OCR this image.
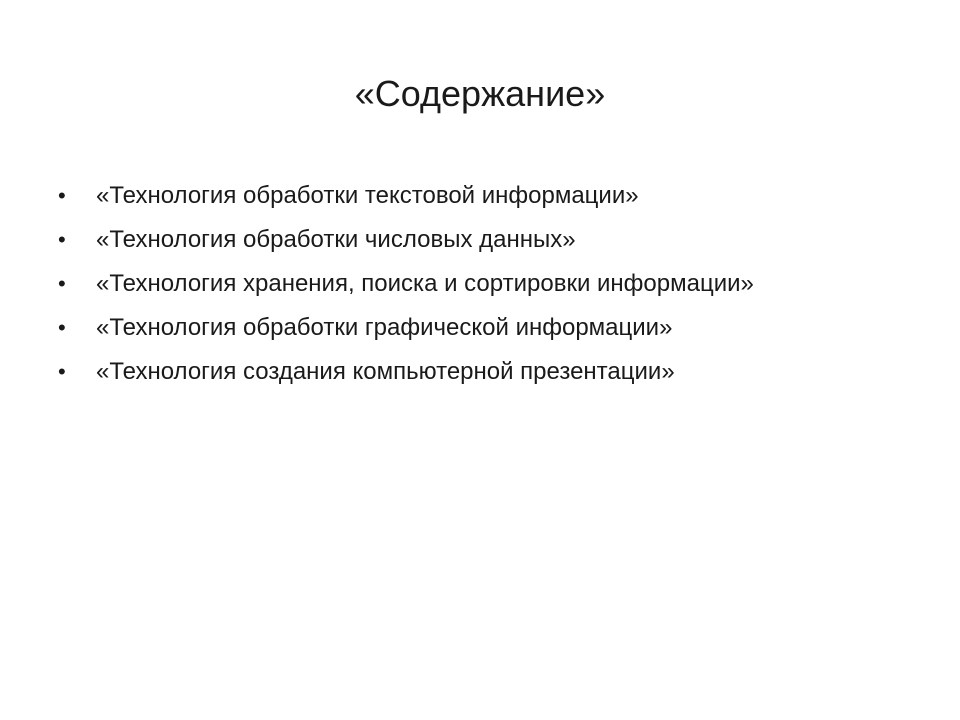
«Содержание»
•	«Технология обработки текстовой информации»
•	«Технология обработки числовых данных»
•	«Технология хранения, поиска и сортировки информации»
•	«Технология обработки графической информации»
•	«Технология создания компьютерной презентации»
